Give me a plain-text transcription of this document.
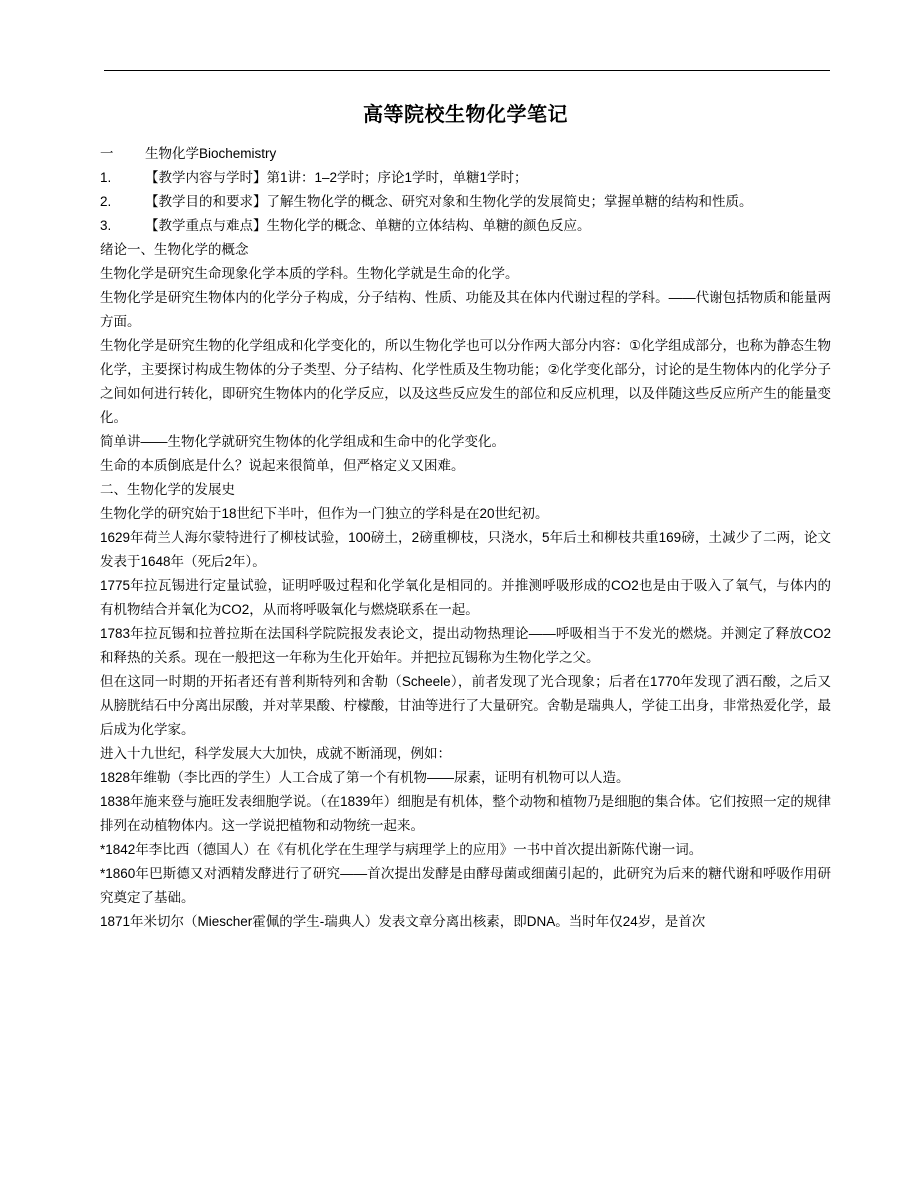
高等院校生物化学笔记
一	生物化学Biochemistry
1.	【教学内容与学时】第1讲：1–2学时；序论1学时，单糖1学时；
2.	【教学目的和要求】了解生物化学的概念、研究对象和生物化学的发展简史；掌握单糖的结构和性质。
3.	【教学重点与难点】生物化学的概念、单糖的立体结构、单糖的颜色反应。

绪论一、生物化学的概念

生物化学是研究生命现象化学本质的学科。生物化学就是生命的化学。

生物化学是研究生物体内的化学分子构成，分子结构、性质、功能及其在体内代谢过程的学科。——代谢包括物质和能量两方面。

生物化学是研究生物的化学组成和化学变化的，所以生物化学也可以分作两大部分内容：①化学组成部分，也称为静态生物化学，主要探讨构成生物体的分子类型、分子结构、化学性质及生物功能；②化学变化部分，讨论的是生物体内的化学分子之间如何进行转化，即研究生物体内的化学反应，以及这些反应发生的部位和反应机理，以及伴随这些反应所产生的能量变化。

简单讲——生物化学就研究生物体的化学组成和生命中的化学变化。

生命的本质倒底是什么？说起来很简单，但严格定义又困难。

二、生物化学的发展史

生物化学的研究始于18世纪下半叶，但作为一门独立的学科是在20世纪初。

1629年荷兰人海尔蒙特进行了柳枝试验，100磅土，2磅重柳枝，只浇水，5年后土和柳枝共重169磅，土减少了二两，论文发表于1648年（死后2年）。

1775年拉瓦锡进行定量试验，证明呼吸过程和化学氧化是相同的。并推测呼吸形成的CO2也是由于吸入了氧气，与体内的有机物结合并氧化为CO2，从而将呼吸氧化与燃烧联系在一起。

1783年拉瓦锡和拉普拉斯在法国科学院院报发表论文，提出动物热理论——呼吸相当于不发光的燃烧。并测定了释放CO2和释热的关系。现在一般把这一年称为生化开始年。并把拉瓦锡称为生物化学之父。

但在这同一时期的开拓者还有普利斯特列和舍勒（Scheele），前者发现了光合现象；后者在1770年发现了洒石酸，之后又从膀胱结石中分离出尿酸，并对苹果酸、柠檬酸，甘油等进行了大量研究。舍勒是瑞典人，学徒工出身，非常热爱化学，最后成为化学家。

进入十九世纪，科学发展大大加快，成就不断涌现，例如：

1828年维勒（李比西的学生）人工合成了第一个有机物——尿素，证明有机物可以人造。

1838年施来登与施旺发表细胞学说。（在1839年）细胞是有机体，整个动物和植物乃是细胞的集合体。它们按照一定的规律排列在动植物体内。这一学说把植物和动物统一起来。

*1842年李比西（德国人）在《有机化学在生理学与病理学上的应用》一书中首次提出新陈代谢一词。

*1860年巴斯德又对洒精发酵进行了研究——首次提出发酵是由酵母菌或细菌引起的，此研究为后来的糖代谢和呼吸作用研究奠定了基础。

1871年米切尔（Miescher霍佩的学生-瑞典人）发表文章分离出核素，即DNA。当时年仅24岁，是首次
